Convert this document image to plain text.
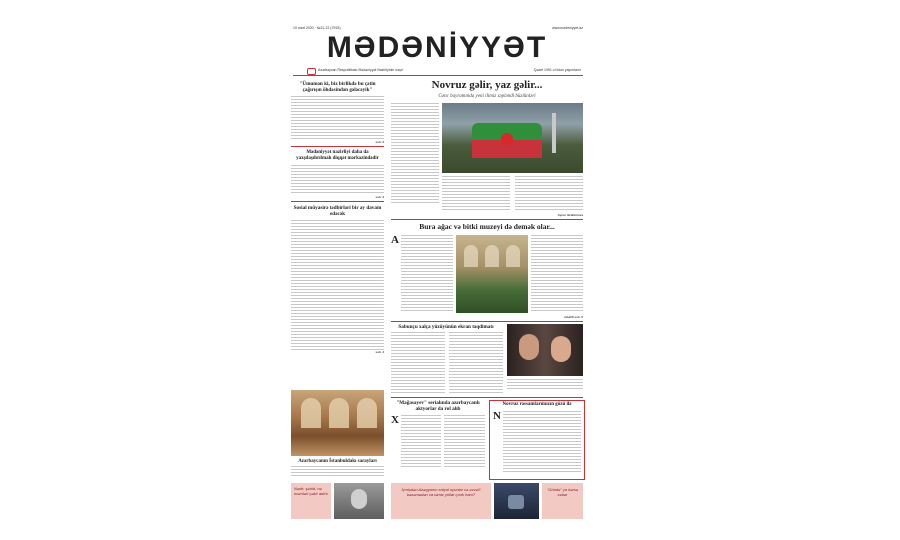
19 mart 2020 · №21-22 (3763)	www.medeniyyet.az
MƏDƏNİYYƏT
Azərbaycan Respublikası Mədəniyyət Nazirliyinin nəşri	Qəzet 1991-ci ildən yayımlanır
"Ümumən ki, biz birlikdə bu çətin çağırışın öhdəsindən gələcəyik"
səh. 2
Mədəniyyət nazirliyi daha da yaxşılaşdırılmalı diqqət mərkəzindədir
səh. 3
Sosial müyasirə tədbirləri bir ay davam edəcək
səh. 4
Azərbaycanın İstanbuldakı sarayları
Novruz gəlir, yaz gəlir...
Gənc bayramında yeni ilimiz səpləndi büzlünləri
Aynur Ibrahimova
Bura ağac və bitki muzeyi də demək olar...
A
müəllif səh. 5
Sabunçu xalça yüzüyünün ekran təqdimatı
"Mağasayev" serialında azərbaycanlı aktyorlar da rol alıb
X
Novruz rəssamlarımızın gözü ilə
N
Nədir, şəhid, nə məmləri çəkir adını
İçmişdən Azəqyanın xalçal oyunlar və əvvəl'i bəzəmədən xa təmiz yollar çıxdı hanı?
"Gündə" ya kərsə xəbər
